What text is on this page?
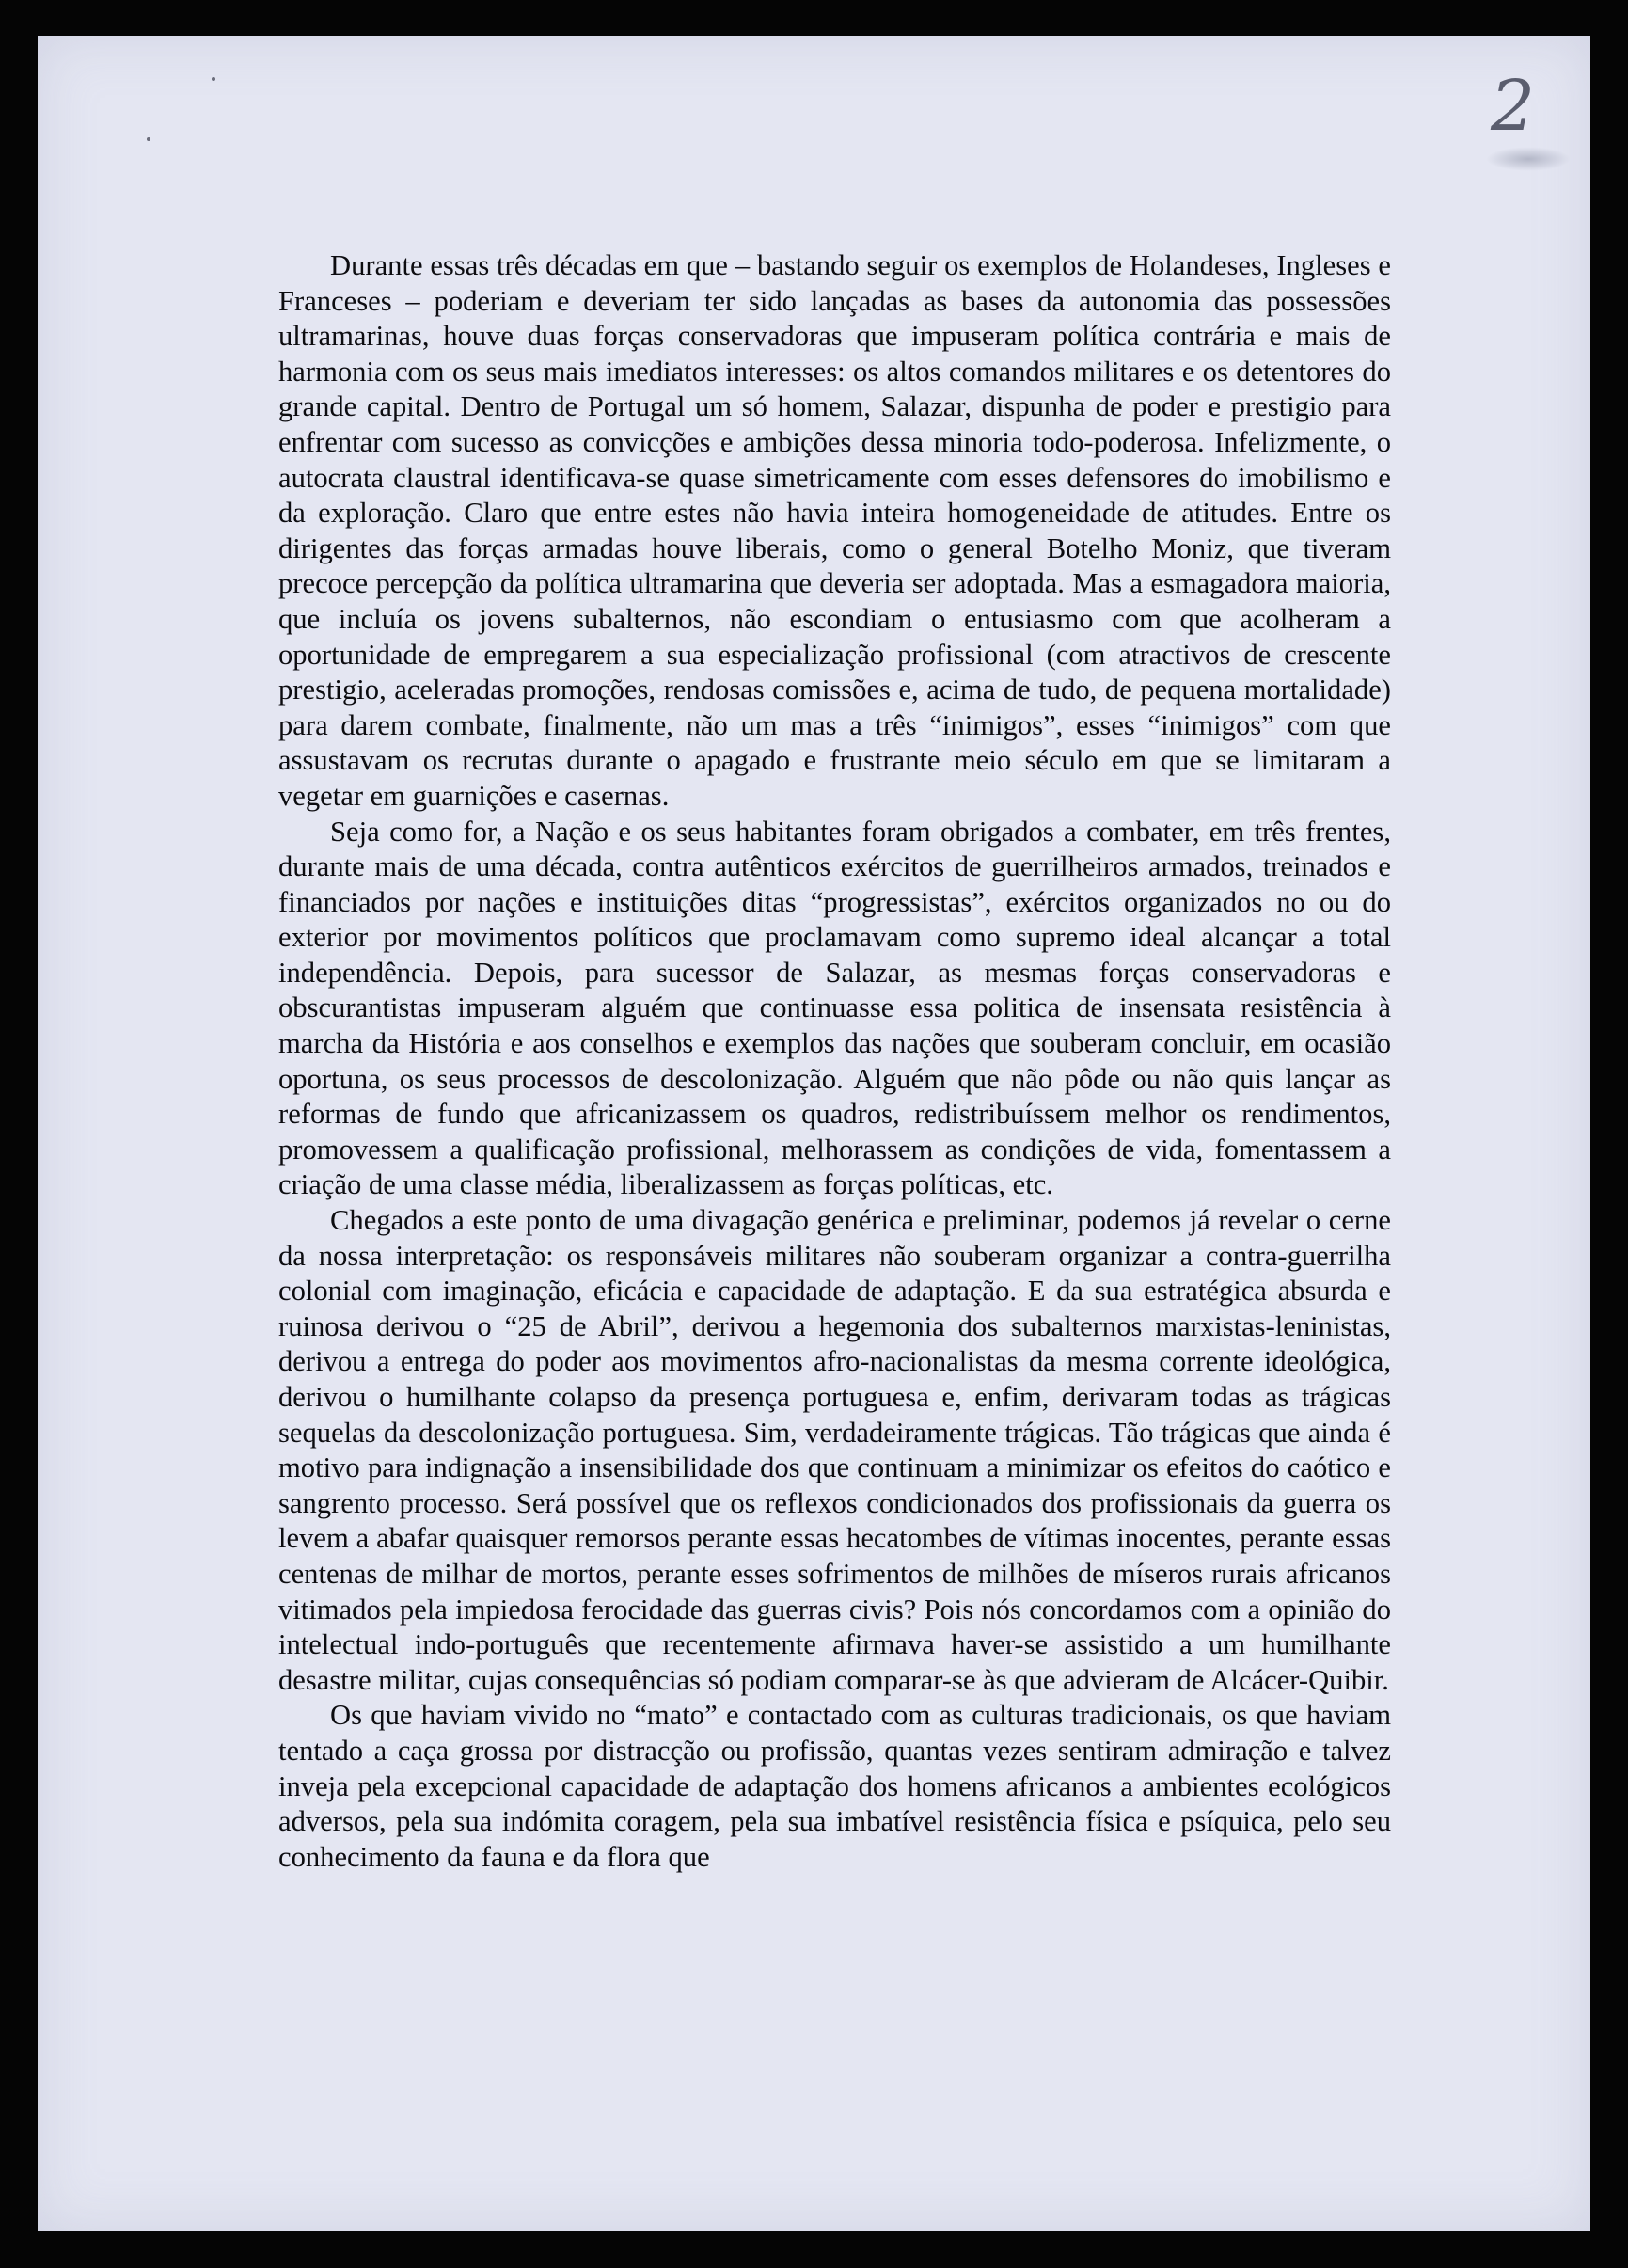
2

Durante essas três décadas em que – bastando seguir os exemplos de Holandeses, Ingleses e Franceses – poderiam e deveriam ter sido lançadas as bases da autonomia das possessões ultramarinas, houve duas forças conservadoras que impuseram política contrária e mais de harmonia com os seus mais imediatos interesses: os altos comandos militares e os detentores do grande capital. Dentro de Portugal um só homem, Salazar, dispunha de poder e prestigio para enfrentar com sucesso as convicções e ambições dessa minoria todo-poderosa. Infelizmente, o autocrata claustral identificava-se quase simetricamente com esses defensores do imobilismo e da exploração. Claro que entre estes não havia inteira homogeneidade de atitudes. Entre os dirigentes das forças armadas houve liberais, como o general Botelho Moniz, que tiveram precoce percepção da política ultramarina que deveria ser adoptada. Mas a esmagadora maioria, que incluía os jovens subalternos, não escondiam o entusiasmo com que acolheram a oportunidade de empregarem a sua especialização profissional (com atractivos de crescente prestigio, aceleradas promoções, rendosas comissões e, acima de tudo, de pequena mortalidade) para darem combate, finalmente, não um mas a três “inimigos”, esses “inimigos” com que assustavam os recrutas durante o apagado e frustrante meio século em que se limitaram a vegetar em guarnições e casernas.

Seja como for, a Nação e os seus habitantes foram obrigados a combater, em três frentes, durante mais de uma década, contra autênticos exércitos de guerrilheiros armados, treinados e financiados por nações e instituições ditas “progressistas”, exércitos organizados no ou do exterior por movimentos políticos que proclamavam como supremo ideal alcançar a total independência. Depois, para sucessor de Salazar, as mesmas forças conservadoras e obscurantistas impuseram alguém que continuasse essa politica de insensata resistência à marcha da História e aos conselhos e exemplos das nações que souberam concluir, em ocasião oportuna, os seus processos de descolonização. Alguém que não pôde ou não quis lançar as reformas de fundo que africanizassem os quadros, redistribuíssem melhor os rendimentos, promovessem a qualificação profissional, melhorassem as condições de vida, fomentassem a criação de uma classe média, liberalizassem as forças políticas, etc.

Chegados a este ponto de uma divagação genérica e preliminar, podemos já revelar o cerne da nossa interpretação: os responsáveis militares não souberam organizar a contra-guerrilha colonial com imaginação, eficácia e capacidade de adaptação. E da sua estratégica absurda e ruinosa derivou o “25 de Abril”, derivou a hegemonia dos subalternos marxistas-leninistas, derivou a entrega do poder aos movimentos afro-nacionalistas da mesma corrente ideológica, derivou o humilhante colapso da presença portuguesa e, enfim, derivaram todas as trágicas sequelas da descolonização portuguesa. Sim, verdadeiramente trágicas. Tão trágicas que ainda é motivo para indignação a insensibilidade dos que continuam a minimizar os efeitos do caótico e sangrento processo. Será possível que os reflexos condicionados dos profissionais da guerra os levem a abafar quaisquer remorsos perante essas hecatombes de vítimas inocentes, perante essas centenas de milhar de mortos, perante esses sofrimentos de milhões de míseros rurais africanos vitimados pela impiedosa ferocidade das guerras civis? Pois nós concordamos com a opinião do intelectual indo-português que recentemente afirmava haver-se assistido a um humilhante desastre militar, cujas consequências só podiam comparar-se às que advieram de Alcácer-Quibir.

Os que haviam vivido no “mato” e contactado com as culturas tradicionais, os que haviam tentado a caça grossa por distracção ou profissão, quantas vezes sentiram admiração e talvez inveja pela excepcional capacidade de adaptação dos homens africanos a ambientes ecológicos adversos, pela sua indómita coragem, pela sua imbatível resistência física e psíquica, pelo seu conhecimento da fauna e da flora que
